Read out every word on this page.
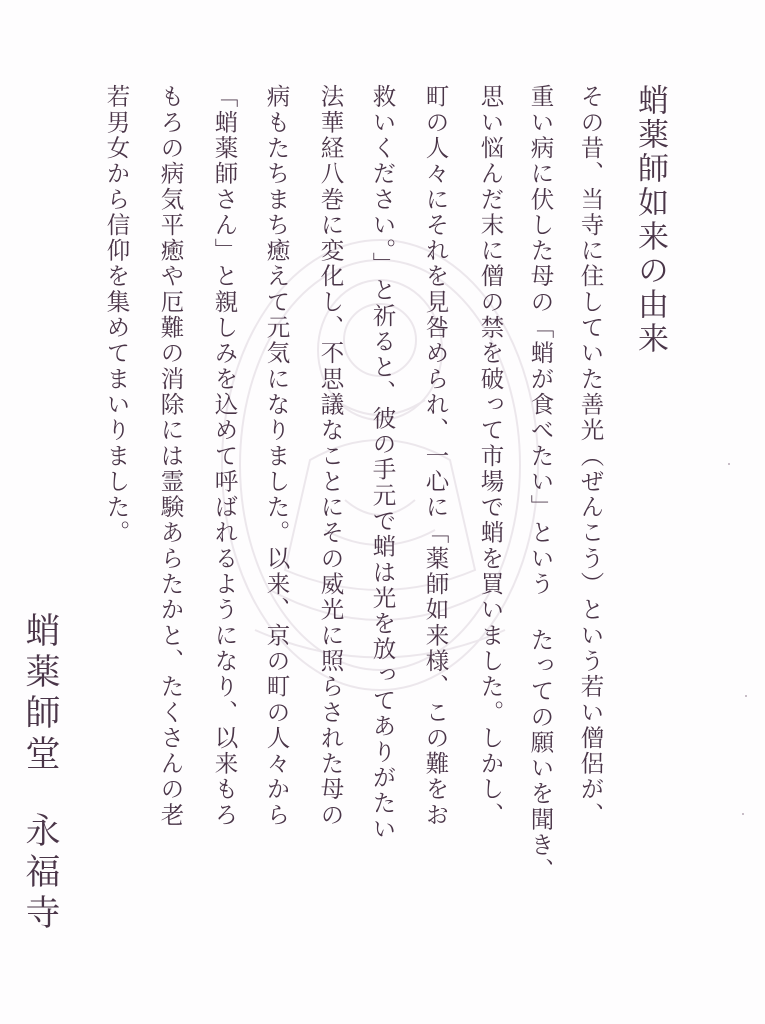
蛸薬師如来の由来
その昔、当寺に住していた善光（ぜんこう）という若い僧侶が、
重い病に伏した母の「蛸が食べたい」という たっての願いを聞き、
思い悩んだ末に僧の禁を破って市場で蛸を買いました。しかし、
町の人々にそれを見咎められ、一心に「薬師如来様、この難をお
救いください。」と祈ると、彼の手元で蛸は光を放ってありがたい
法華経八巻に変化し、不思議なことにその威光に照らされた母の
病もたちまち癒えて元気になりました。以来、京の町の人々から
「蛸薬師さん」と親しみを込めて呼ばれるようになり、以来もろ
もろの病気平癒や厄難の消除には霊験あらたかと、たくさんの老
若男女から信仰を集めてまいりました。
蛸薬師堂
永福寺
